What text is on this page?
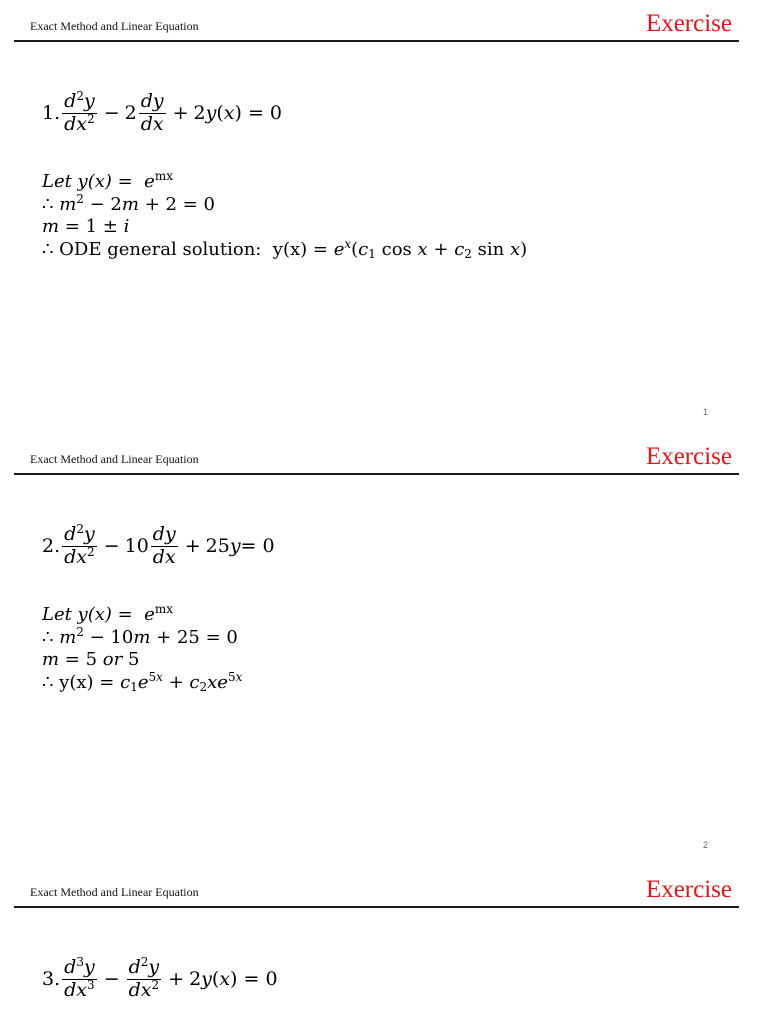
Exact Method and Linear Equation	Exercise
1. $\frac{d^2y}{dx^2} - 2 \frac{dy}{dx} + 2$ y ( x ) = 0
Let $y(x) = e^{mx}$
∴ $m^2 - 2m + 2 = 0$
m = 1 ± i
∴ ODE general solution:  $y(x) = e^x(c_1$ $\cos x + c_2$ sin x)
1
Exact Method and Linear Equation	Exercise
2. $\frac{d^2y}{dx^2} - 10 \frac{dy}{dx} + 25$ y = 0
Let $y(x) = e^{mx}$
∴ $m^2 - 10m + 25 = 0$
m = 5 or 5
∴ $y(x) = c_1e^{5x} + c_2xe^{5x}$
2
Exact Method and Linear Equation	Exercise
3. $\frac{d^3y}{dx^3} - \frac{d^2y}{dx^2} + 2$ y ( x ) = 0
